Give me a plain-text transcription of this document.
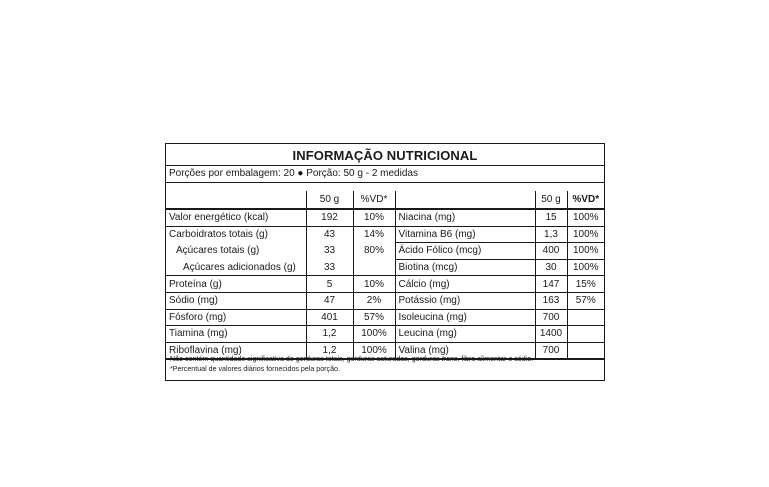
INFORMAÇÃO NUTRICIONAL
Porções por embalagem: 20 ● Porção: 50 g - 2 medidas
	50 g	%VD*		50 g	%VD*
Valor energético (kcal)	192	10%	Niacina (mg)	15	100%
Carboidratos totais (g)	43	14%	Vitamina B6 (mg)	1,3	100%
Açúcares totais (g)	33	80%	Ácido Fólico (mcg)	400	100%
Açúcares adicionados (g)	33		Biotina (mcg)	30	100%
Proteína (g)	5	10%	Cálcio (mg)	147	15%
Sódio (mg)	47	2%	Potássio (mg)	163	57%
Fósforo (mg)	401	57%	Isoleucina (mg)	700	
Tiamina (mg)	1,2	100%	Leucina (mg)	1400	
Riboflavina (mg)	1,2	100%	Valina (mg)	700	
Não contém quantidade significativa de gorduras totais, gorduras saturadas, gorduras trans, fibra alimentar e sódio.
*Percentual de valores diários fornecidos pela porção.
